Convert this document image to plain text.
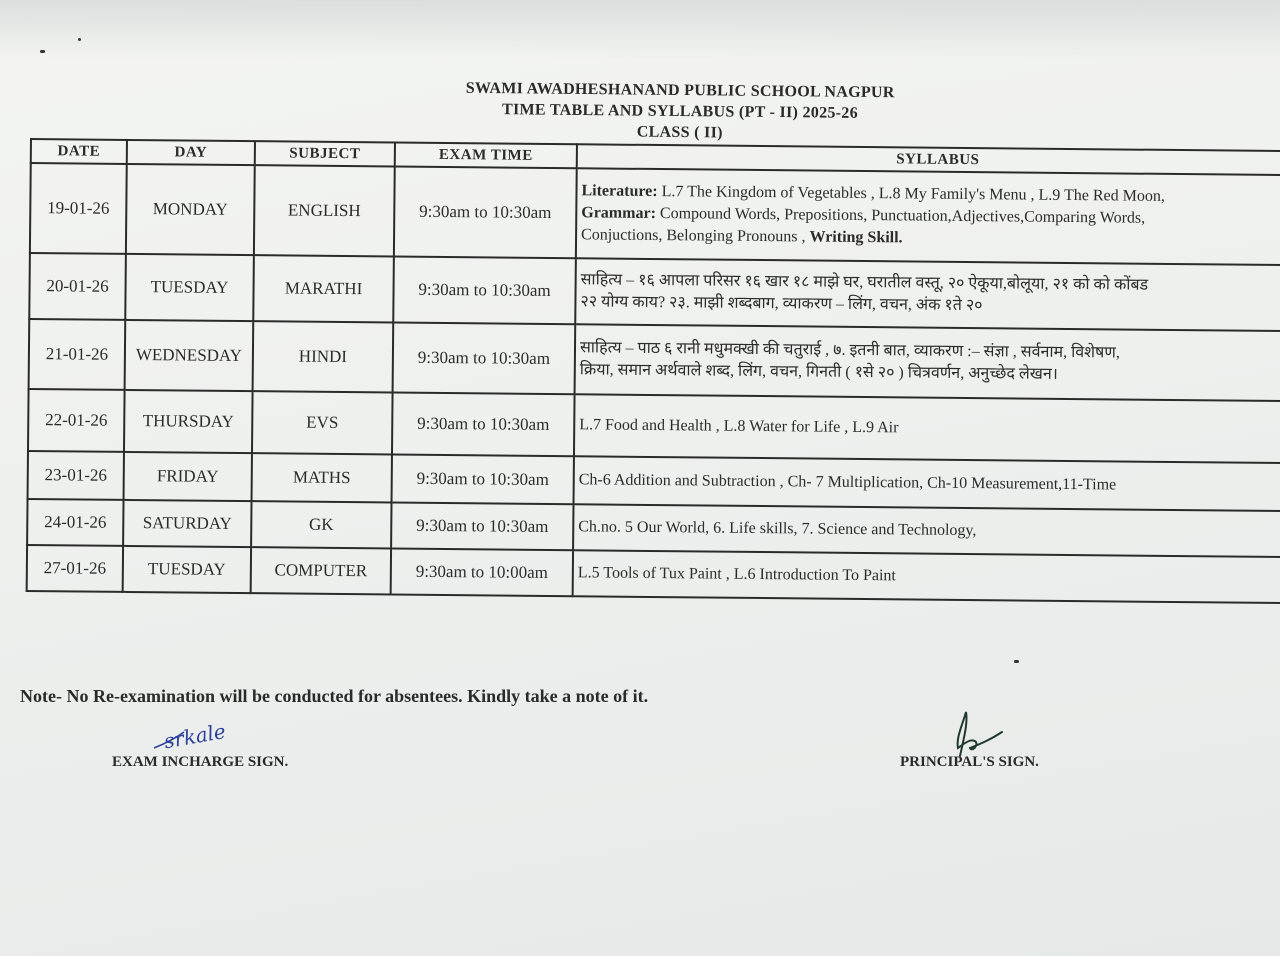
SWAMI AWADHESHANAND PUBLIC SCHOOL NAGPUR
TIME TABLE AND SYLLABUS (PT - II) 2025-26
CLASS ( II)
DATE	DAY	SUBJECT	EXAM TIME	SYLLABUS
19-01-26	MONDAY	ENGLISH	9:30am to 10:30am	Literature: L.7 The Kingdom of Vegetables , L.8 My Family's Menu , L.9 The Red Moon,
Grammar: Compound Words, Prepositions, Punctuation,Adjectives,Comparing Words,
Conjuctions, Belonging Pronouns , Writing Skill.

20-01-26	TUESDAY	MARATHI	9:30am to 10:30am	साहित्य – १६ आपला परिसर १६ खार १८ माझे घर, घरातील वस्तू, २० ऐकूया,बोलूया, २१ को को कोंबड
२२ योग्य काय? २३. माझी शब्दबाग, व्याकरण – लिंग, वचन, अंक १ते २०

21-01-26	WEDNESDAY	HINDI	9:30am to 10:30am	साहित्य – पाठ ६ रानी मधुमक्खी की चतुराई , ७. इतनी बात, व्याकरण :– संज्ञा , सर्वनाम, विशेषण,
क्रिया, समान अर्थवाले शब्द, लिंग, वचन, गिनती ( १से २० ) चित्रवर्णन, अनुच्छेद लेखन।

22-01-26	THURSDAY	EVS	9:30am to 10:30am	L.7 Food and Health , L.8 Water for Life , L.9 Air

23-01-26	FRIDAY	MATHS	9:30am to 10:30am	Ch-6 Addition and Subtraction , Ch- 7 Multiplication, Ch-10 Measurement,11-Time

24-01-26	SATURDAY	GK	9:30am to 10:30am	Ch.no. 5 Our World, 6. Life skills, 7. Science and Technology,

27-01-26	TUESDAY	COMPUTER	9:30am to 10:00am	L.5 Tools of Tux Paint , L.6 Introduction To Paint
Note- No Re-examination will be conducted for absentees. Kindly take a note of it.
srkale
EXAM INCHARGE SIGN.	PRINCIPAL'S SIGN.
